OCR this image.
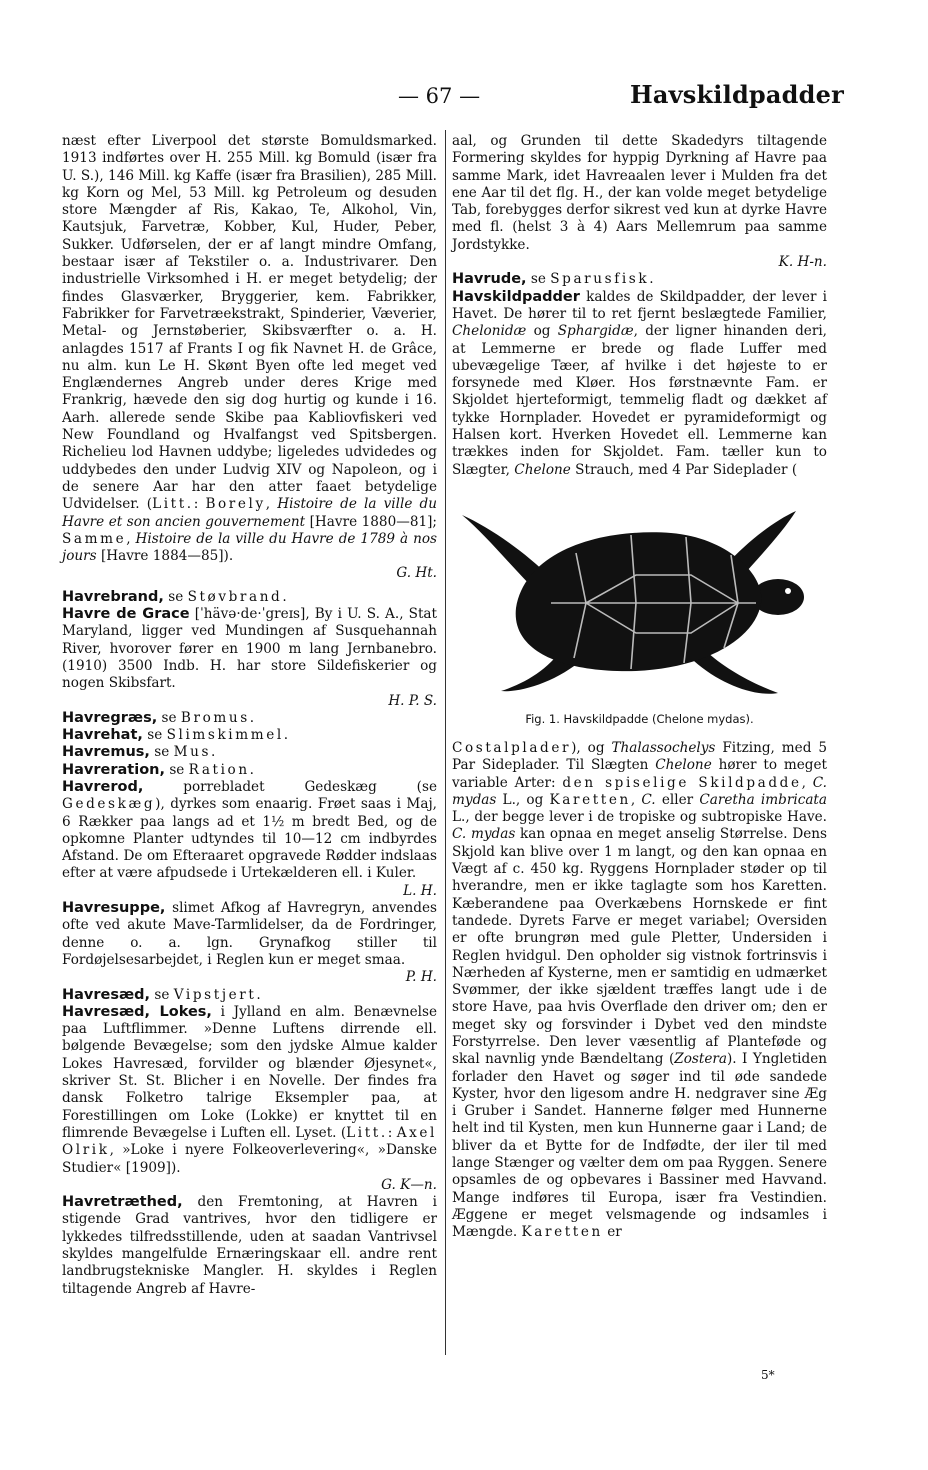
— 67 —	Havskildpadder

næst efter Liverpool det største Bomuldsmarked. 1913 indførtes over H. 255 Mill. kg Bomuld (især fra U. S.), 146 Mill. kg Kaffe (især fra Brasilien), 285 Mill. kg Korn og Mel, 53 Mill. kg Petroleum og desuden store Mængder af Ris, Kakao, Te, Alkohol, Vin, Kautsjuk, Farvetræ, Kobber, Kul, Huder, Peber, Sukker. Udførselen, der er af langt mindre Omfang, bestaar især af Tekstiler o. a. Industrivarer. Den industrielle Virksomhed i H. er meget betydelig; der findes Glasværker, Bryggerier, kem. Fabrikker, Fabrikker for Farvetræekstrakt, Spinderier, Væverier, Metal- og Jernstøberier, Skibsværfter o. a. H. anlagdes 1517 af Frants I og fik Navnet H. de Grâce, nu alm. kun Le H. Skønt Byen ofte led meget ved Englændernes Angreb under deres Krige med Frankrig, hævede den sig dog hurtig og kunde i 16. Aarh. allerede sende Skibe paa Kabliovfiskeri ved New Foundland og Hvalfangst ved Spitsbergen. Richelieu lod Havnen uddybe; ligeledes udvidedes og uddybedes den under Ludvig XIV og Napoleon, og i de senere Aar har den atter faaet betydelige Udvidelser. (Litt.: Borely, Histoire de la ville du Havre et son ancien gouvernement [Havre 1880—81]; Samme, Histoire de la ville du Havre de 1789 à nos jours [Havre 1884—85]).
G. Ht.

Havrebrand, se Støvbrand.

Havre de Grace [ˈhävə·de·ˈgreɪs], By i U. S. A., Stat Maryland, ligger ved Mundingen af Susquehannah River, hvorover fører en 1900 m lang Jernbanebro. (1910) 3500 Indb. H. har store Sildefiskerier og nogen Skibsfart.
H. P. S.

Havregræs, se Bromus.

Havrehat, se Slimskimmel.

Havremus, se Mus.

Havreration, se Ration.

Havrerod, porrebladet Gedeskæg (se Gedeskæg), dyrkes som enaarig. Frøet saas i Maj, 6 Rækker paa langs ad et 1½ m bredt Bed, og de opkomne Planter udtyndes til 10—12 cm indbyrdes Afstand. De om Efteraaret opgravede Rødder indslaas efter at være afpudsede i Urtekælderen ell. i Kuler.
L. H.

Havresuppe, slimet Afkog af Havregryn, anvendes ofte ved akute Mave-Tarmlidelser, da de Fordringer, denne o. a. lgn. Grynafkog stiller til Fordøjelsesarbejdet, i Reglen kun er meget smaa.
P. H.

Havresæd, se Vipstjert.

Havresæd, Lokes, i Jylland en alm. Benævnelse paa Luftflimmer. »Denne Luftens dirrende ell. bølgende Bevægelse; som den jydske Almue kalder Lokes Havresæd, forvilder og blænder Øjesynet«, skriver St. St. Blicher i en Novelle. Der findes fra dansk Folketro talrige Eksempler paa, at Forestillingen om Loke (Lokke) er knyttet til en flimrende Bevægelse i Luften ell. Lyset. (Litt.: Axel Olrik, »Loke i nyere Folkeoverlevering«, »Danske Studier« [1909]).
G. K—n.

Havretræthed, den Fremtoning, at Havren i stigende Grad vantrives, hvor den tidligere er lykkedes tilfredsstillende, uden at saadan Vantrivsel skyldes mangelfulde Ernæringskaar ell. andre rent landbrugstekniske Mangler. H. skyldes i Reglen tiltagende Angreb af Havre-

aal, og Grunden til dette Skadedyrs tiltagende Formering skyldes for hyppig Dyrkning af Havre paa samme Mark, idet Havreaalen lever i Mulden fra det ene Aar til det flg. H., der kan volde meget betydelige Tab, forebygges derfor sikrest ved kun at dyrke Havre med fl. (helst 3 à 4) Aars Mellemrum paa samme Jordstykke.
K. H-n.

Havrude, se Sparusfisk.

Havskildpadder kaldes de Skildpadder, der lever i Havet. De hører til to ret fjernt beslægtede Familier, Chelonidæ og Sphargidæ, der ligner hinanden deri, at Lemmerne er brede og flade Luffer med ubevægelige Tæer, af hvilke i det højeste to er forsynede med Kløer. Hos førstnævnte Fam. er Skjoldet hjerteformigt, temmelig fladt og dækket af tykke Hornplader. Hovedet er pyramideformigt og Halsen kort. Hverken Hovedet ell. Lemmerne kan trækkes inden for Skjoldet. Fam. tæller kun to Slægter, Chelone Strauch, med 4 Par Sideplader (

Fig. 1. Havskildpadde (Chelone mydas).

Costalplader), og Thalassochelys Fitzing, med 5 Par Sideplader. Til Slægten Chelone hører to meget variable Arter: den spiselige Skildpadde, C. mydas L., og Karetten, C. eller Caretha imbricata L., der begge lever i de tropiske og subtropiske Have. C. mydas kan opnaa en meget anselig Størrelse. Dens Skjold kan blive over 1 m langt, og den kan opnaa en Vægt af c. 450 kg. Ryggens Hornplader støder op til hverandre, men er ikke taglagte som hos Karetten. Kæberandene paa Overkæbens Hornskede er fint tandede. Dyrets Farve er meget variabel; Oversiden er ofte brungrøn med gule Pletter, Undersiden i Reglen hvidgul. Den opholder sig vistnok fortrinsvis i Nærheden af Kysterne, men er samtidig en udmærket Svømmer, der ikke sjældent træffes langt ude i de store Have, paa hvis Overflade den driver om; den er meget sky og forsvinder i Dybet ved den mindste Forstyrrelse. Den lever væsentlig af Planteføde og skal navnlig ynde Bændeltang (Zostera). I Yngletiden forlader den Havet og søger ind til øde sandede Kyster, hvor den ligesom andre H. nedgraver sine Æg i Gruber i Sandet. Hannerne følger med Hunnerne helt ind til Kysten, men kun Hunnerne gaar i Land; de bliver da et Bytte for de Indfødte, der iler til med lange Stænger og vælter dem om paa Ryggen. Senere opsamles de og opbevares i Bassiner med Havvand. Mange indføres til Europa, især fra Vestindien. Æggene er meget velsmagende og indsamles i Mængde. Karetten er

5*
